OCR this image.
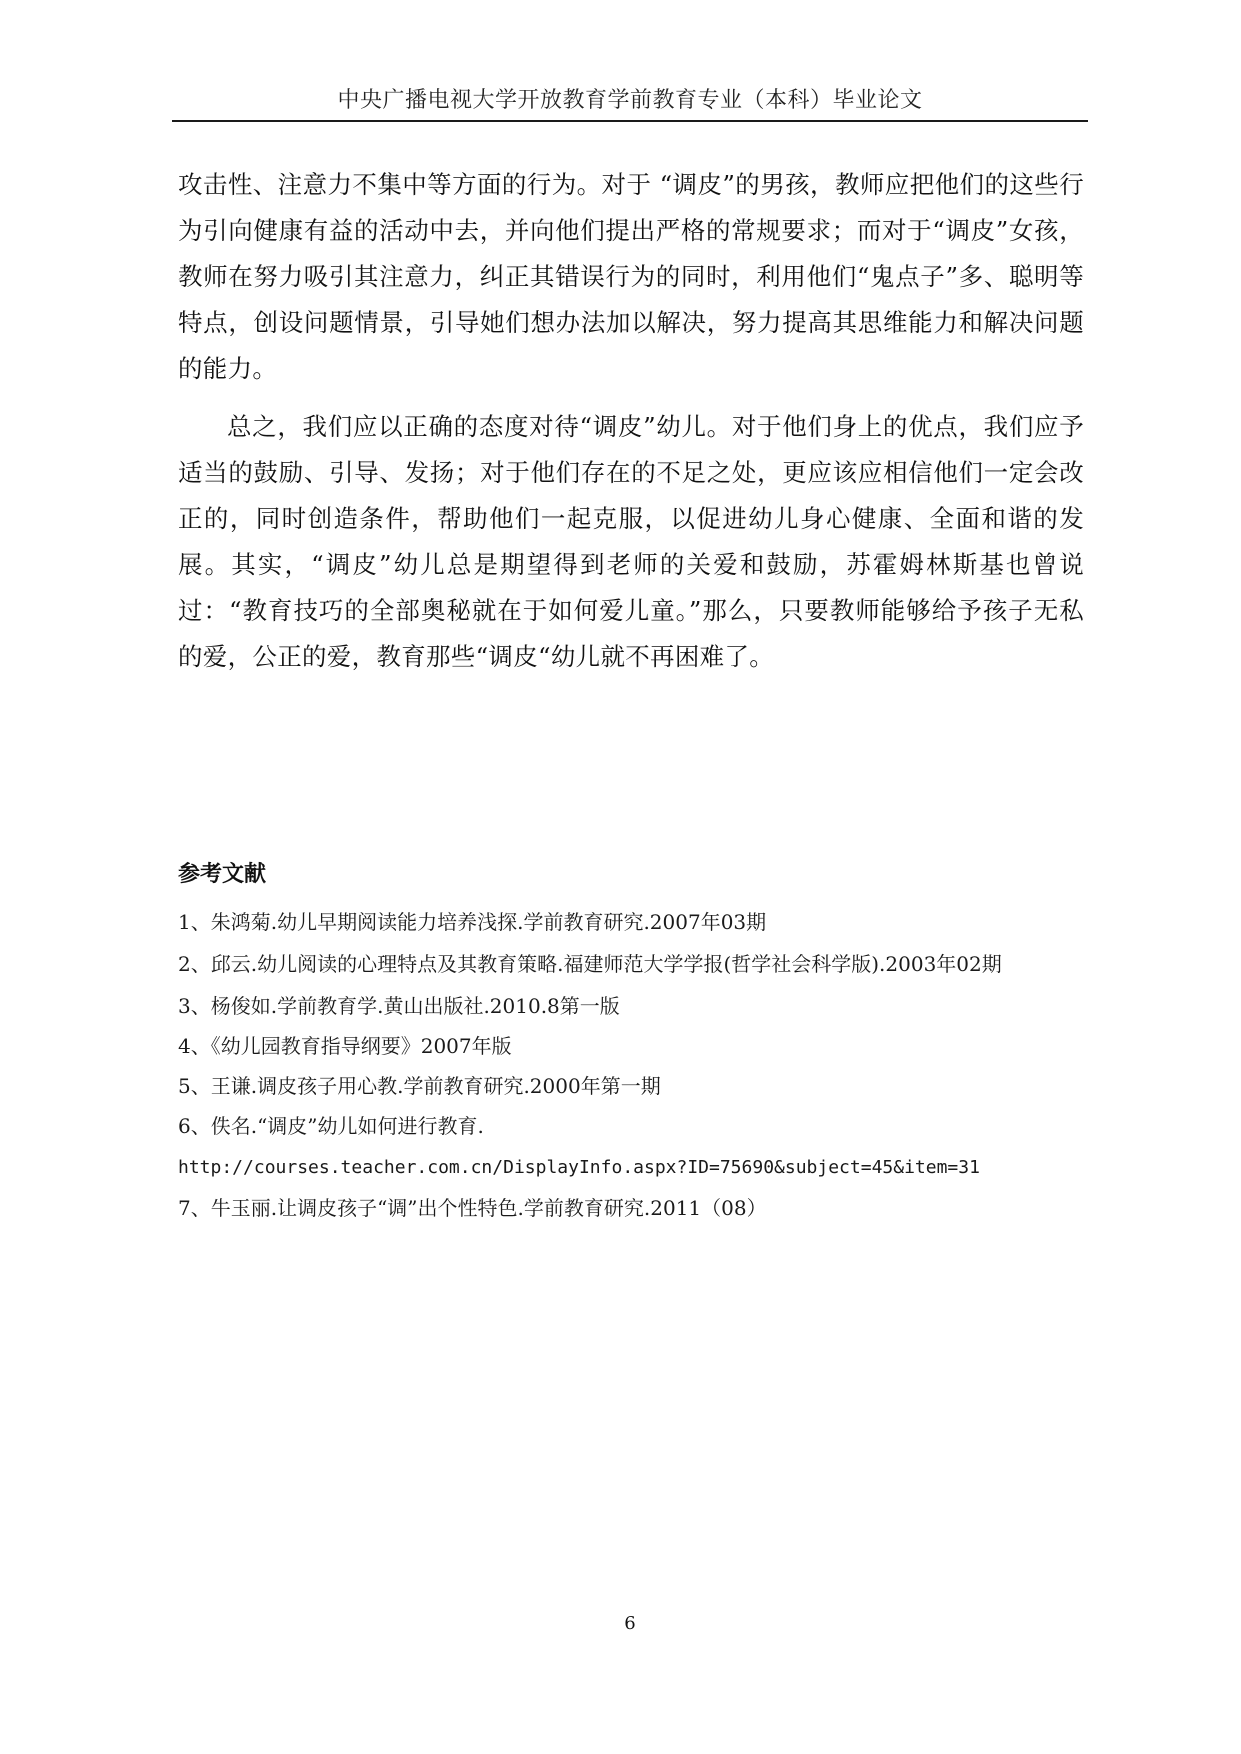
中央广播电视大学开放教育学前教育专业（本科）毕业论文

攻击性、注意力不集中等方面的行为。对于 “调皮”的男孩，教师应把他们的这些行为引向健康有益的活动中去，并向他们提出严格的常规要求；而对于“调皮”女孩，教师在努力吸引其注意力，纠正其错误行为的同时，利用他们“鬼点子”多、聪明等特点，创设问题情景，引导她们想办法加以解决，努力提高其思维能力和解决问题的能力。

总之，我们应以正确的态度对待“调皮”幼儿。对于他们身上的优点，我们应予适当的鼓励、引导、发扬；对于他们存在的不足之处，更应该应相信他们一定会改正的，同时创造条件，帮助他们一起克服，以促进幼儿身心健康、全面和谐的发展。其实，“调皮”幼儿总是期望得到老师的关爱和鼓励，苏霍姆林斯基也曾说过：“教育技巧的全部奥秘就在于如何爱儿童。”那么，只要教师能够给予孩子无私的爱，公正的爱，教育那些“调皮“幼儿就不再困难了。

参考文献

1、朱鸿菊.幼儿早期阅读能力培养浅探.学前教育研究.2007年03期

2、邱云.幼儿阅读的心理特点及其教育策略.福建师范大学学报(哲学社会科学版).2003年02期

3、杨俊如.学前教育学.黄山出版社.2010.8第一版

4、《幼儿园教育指导纲要》2007年版

5、王谦.调皮孩子用心教.学前教育研究.2000年第一期

6、佚名.“调皮”幼儿如何进行教育.

http://courses.teacher.com.cn/DisplayInfo.aspx?ID=75690&subject=45&item=31

7、牛玉丽.让调皮孩子“调”出个性特色.学前教育研究.2011（08）

6
